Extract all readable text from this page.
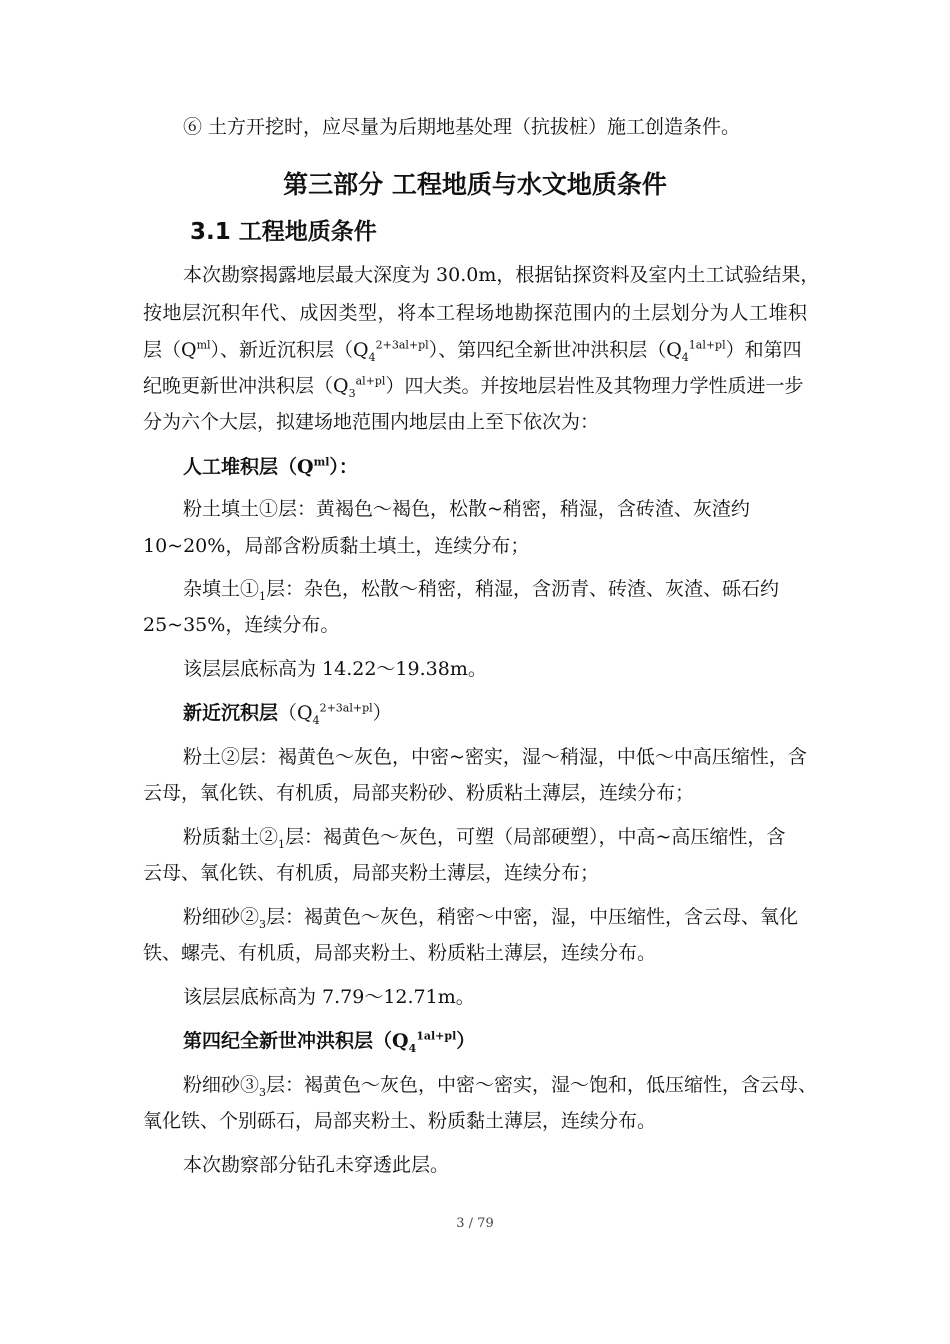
⑥ 土方开挖时，应尽量为后期地基处理（抗拔桩）施工创造条件。
第三部分 工程地质与水文地质条件
3.1 工程地质条件
本次勘察揭露地层最大深度为 30.0m，根据钻探资料及室内土工试验结果，
按地层沉积年代、成因类型，将本工程场地勘探范围内的土层划分为人工堆积
层$(Q^{ml})$、新近沉积层$(Q_4^{2+3al+pl})$、第四纪全新世冲洪积层$(Q_4^{1al+pl})$和第四
纪晚更新世冲洪积层$(Q_3^{al+pl})$四大类。并按地层岩性及其物理力学性质进一步
分为六个大层，拟建场地范围内地层由上至下依次为：
人工堆积层$(Q^{ml})$：
粉土填土①层：黄褐色～褐色，松散~稍密，稍湿，含砖渣、灰渣约
10~20%，局部含粉质黏土填土，连续分布；
杂填土$①_1$层：杂色，松散～稍密，稍湿，含沥青、砖渣、灰渣、砾石约
25~35%，连续分布。
该层层底标高为 14.22～19.38m。
新近沉积层$(Q_4^{2+3al+pl})$
粉土②层：褐黄色～灰色，中密~密实，湿～稍湿，中低～中高压缩性，含
云母，氧化铁、有机质，局部夹粉砂、粉质粘土薄层，连续分布；
粉质黏土$②_1$层：褐黄色～灰色，可塑（局部硬塑），中高~高压缩性，含
云母、氧化铁、有机质，局部夹粉土薄层，连续分布；
粉细砂$②_3$层：褐黄色～灰色，稍密～中密，湿，中压缩性，含云母、氧化
铁、螺壳、有机质，局部夹粉土、粉质粘土薄层，连续分布。
该层层底标高为 7.79～12.71m。
第四纪全新世冲洪积层$(Q_4^{1al+pl})$
粉细砂$③_3$层：褐黄色～灰色，中密～密实，湿～饱和，低压缩性，含云母、
氧化铁、个别砾石，局部夹粉土、粉质黏土薄层，连续分布。
本次勘察部分钻孔未穿透此层。
3 / 79
